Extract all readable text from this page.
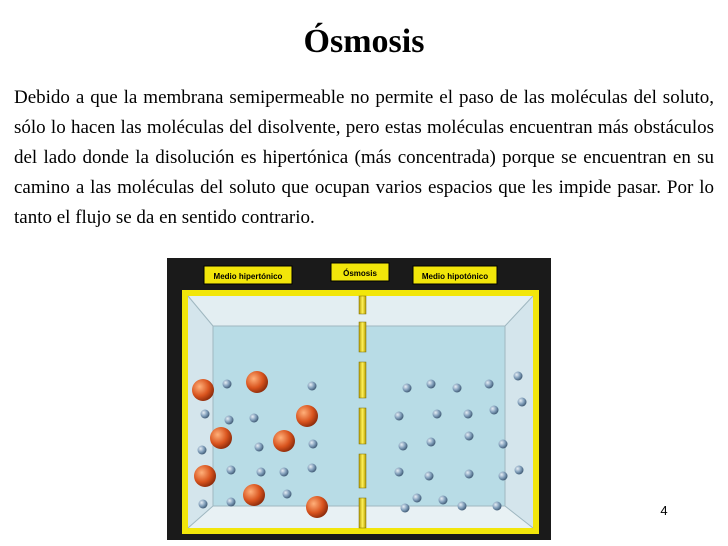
Ósmosis

Debido a que la membrana semipermeable no permite el paso de las moléculas del soluto, sólo lo hacen las moléculas del disolvente, pero estas moléculas encuentran más obstáculos del lado donde la disolución es hipertónica (más concentrada) porque se encuentran en su camino a las moléculas del soluto que ocupan varios espacios que les impide pasar. Por lo tanto el flujo se da en sentido contrario.

Medio hipertónico	Ósmosis	Medio hipotónico
4
